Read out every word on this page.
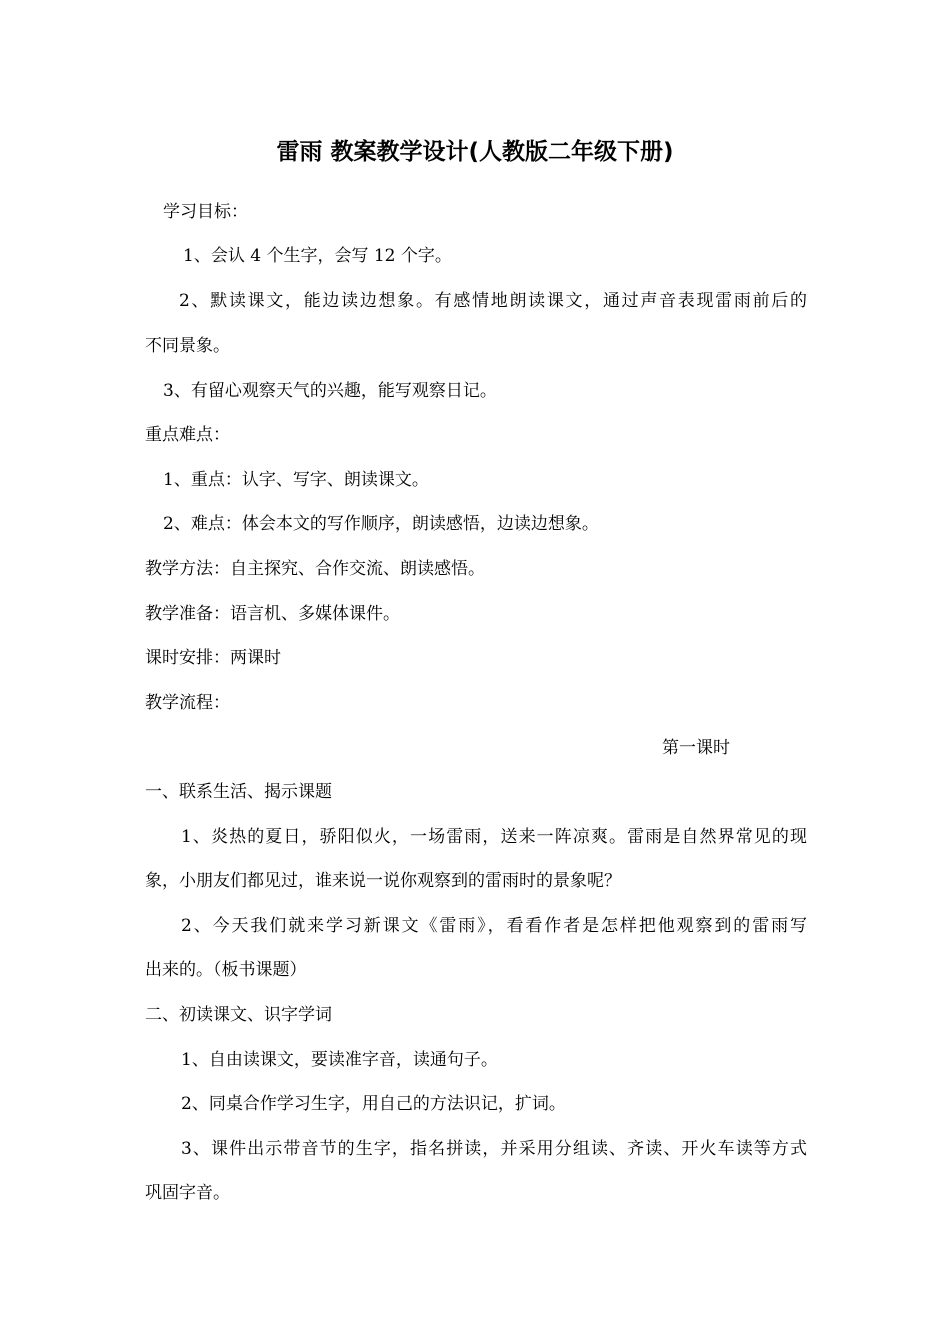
雷雨 教案教学设计(人教版二年级下册)
学习目标：
1、会认 4 个生字，会写 12 个字。
2、默读课文，能边读边想象。有感情地朗读课文，通过声音表现雷雨前后的
不同景象。
3、有留心观察天气的兴趣，能写观察日记。
重点难点：
1、重点：认字、写字、朗读课文。
2、难点：体会本文的写作顺序，朗读感悟，边读边想象。
教学方法：自主探究、合作交流、朗读感悟。
教学准备：语言机、多媒体课件。
课时安排：两课时
教学流程：
第一课时
一、联系生活、揭示课题
1、炎热的夏日，骄阳似火，一场雷雨，送来一阵凉爽。雷雨是自然界常见的现
象，小朋友们都见过，谁来说一说你观察到的雷雨时的景象呢？
2、今天我们就来学习新课文《雷雨》，看看作者是怎样把他观察到的雷雨写
出来的。（板书课题）
二、初读课文、识字学词
1、自由读课文，要读准字音，读通句子。
2、同桌合作学习生字，用自己的方法识记，扩词。
3、课件出示带音节的生字，指名拼读，并采用分组读、齐读、开火车读等方式
巩固字音。
